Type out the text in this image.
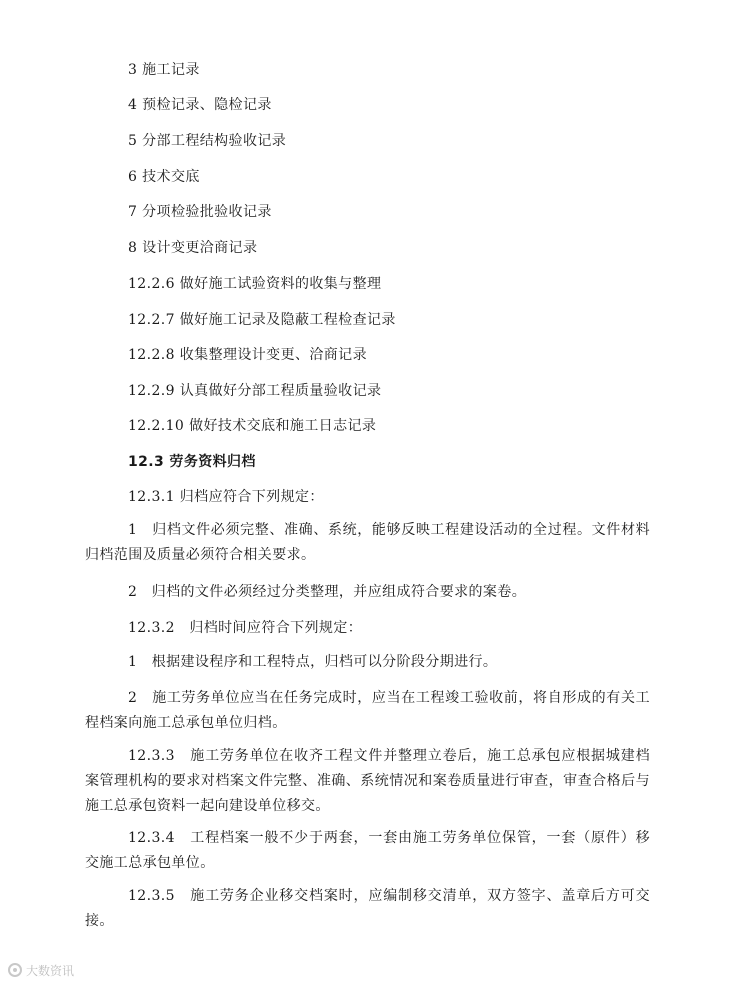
3 施工记录
4 预检记录、隐检记录
5 分部工程结构验收记录
6 技术交底
7 分项检验批验收记录
8 设计变更洽商记录
12.2.6 做好施工试验资料的收集与整理
12.2.7 做好施工记录及隐蔽工程检查记录
12.2.8 收集整理设计变更、洽商记录
12.2.9 认真做好分部工程质量验收记录
12.2.10 做好技术交底和施工日志记录
12.3 劳务资料归档
12.3.1 归档应符合下列规定：
1　归档文件必须完整、准确、系统，能够反映工程建设活动的全过程。文件材料归档范围及质量必须符合相关要求。
2　归档的文件必须经过分类整理，并应组成符合要求的案卷。
12.3.2　归档时间应符合下列规定：
1　根据建设程序和工程特点，归档可以分阶段分期进行。
2　施工劳务单位应当在任务完成时，应当在工程竣工验收前，将自形成的有关工程档案向施工总承包单位归档。
12.3.3　施工劳务单位在收齐工程文件并整理立卷后，施工总承包应根据城建档案管理机构的要求对档案文件完整、准确、系统情况和案卷质量进行审查，审查合格后与施工总承包资料一起向建设单位移交。
12.3.4　工程档案一般不少于两套，一套由施工劳务单位保管，一套（原件）移交施工总承包单位。
12.3.5　施工劳务企业移交档案时，应编制移交清单，双方签字、盖章后方可交接。
大数资讯
